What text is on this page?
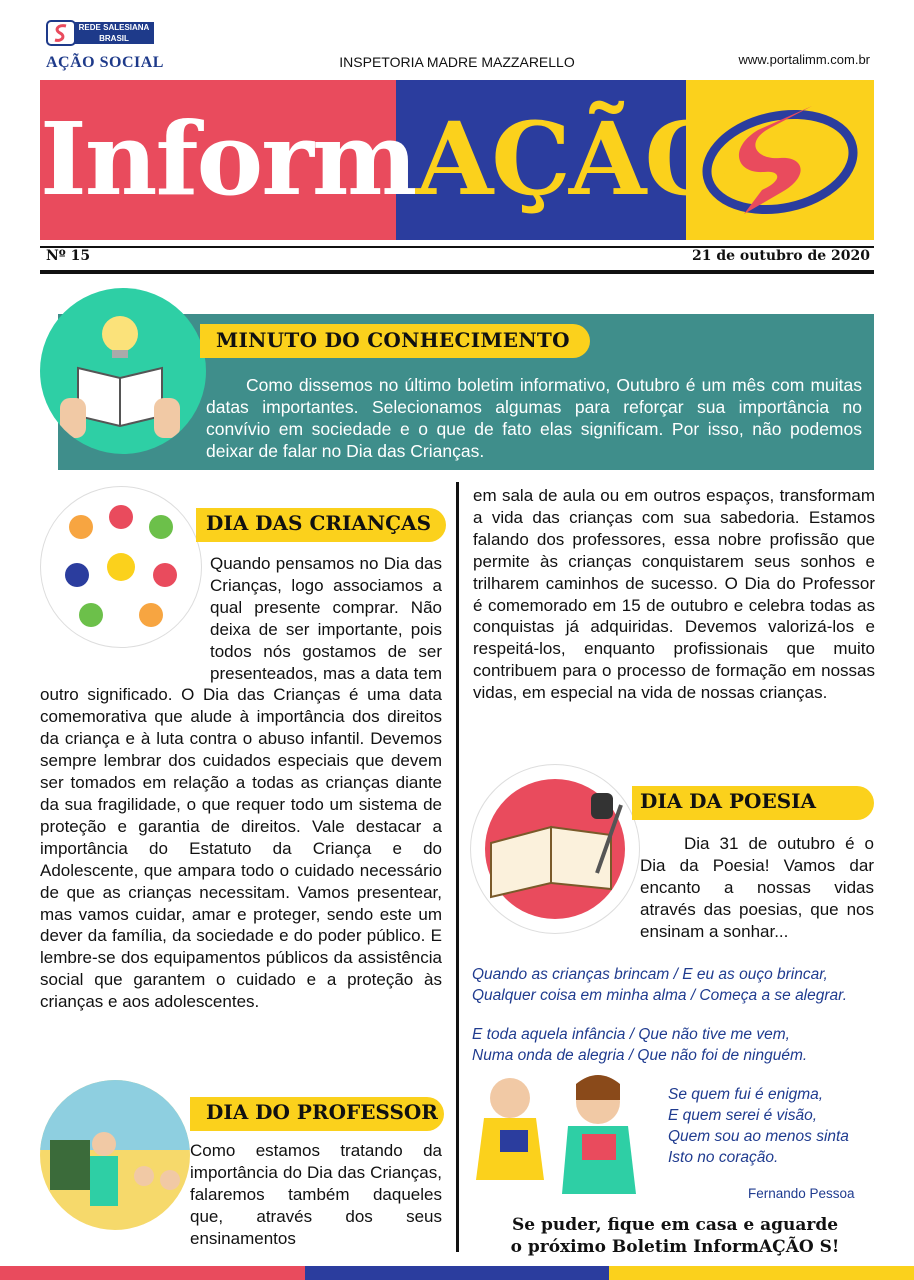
REDE SALESIANA BRASIL
AÇÃO SOCIAL	INSPETORIA MADRE MAZZARELLO	www.portalimm.com.br
InformAÇÃO
Nº 15	21 de outubro de 2020
MINUTO DO CONHECIMENTO
Como dissemos no último boletim informativo, Outubro é um mês com muitas datas importantes. Selecionamos algumas para reforçar sua importância no convívio em sociedade e o que de fato elas significam. Por isso, não podemos deixar de falar no Dia das Crianças.
DIA DAS CRIANÇAS
Quando pensamos no Dia das Crianças, logo associamos a qual presente comprar. Não deixa de ser importante, pois todos nós gostamos de ser presenteados, mas a data tem outro significado. O Dia das Crianças é uma data comemorativa que alude à importância dos direitos da criança e à luta contra o abuso infantil. Devemos sempre lembrar dos cuidados especiais que devem ser tomados em relação a todas as crianças diante da sua fragilidade, o que requer todo um sistema de proteção e garantia de direitos. Vale destacar a importância do Estatuto da Criança e do Adolescente, que ampara todo o cuidado necessário de que as crianças necessitam. Vamos presentear, mas vamos cuidar, amar e proteger, sendo este um dever da família, da sociedade e do poder público. E lembre-se dos equipamentos públicos da assistência social que garantem o cuidado e a proteção às crianças e aos adolescentes.
DIA DO PROFESSOR
Como estamos tratando da importância do Dia das Crianças, falaremos também daqueles que, através dos seus ensinamentos
em sala de aula ou em outros espaços, transformam a vida das crianças com sua sabedoria. Estamos falando dos professores, essa nobre profissão que permite às crianças conquistarem seus sonhos e trilharem caminhos de sucesso. O Dia do Professor é comemorado em 15 de outubro e celebra todas as conquistas já adquiridas. Devemos valorizá-los e respeitá-los, enquanto profissionais que muito contribuem para o processo de formação em nossas vidas, em especial na vida de nossas crianças.
DIA DA POESIA
Dia 31 de outubro é o Dia da Poesia! Vamos dar encanto a nossas vidas através das poesias, que nos ensinam a sonhar...
Quando as crianças brincam / E eu as ouço brincar,
Qualquer coisa em minha alma / Começa a se alegrar.
E toda aquela infância / Que não tive me vem,
Numa onda de alegria / Que não foi de ninguém.
Se quem fui é enigma,
E quem serei é visão,
Quem sou ao menos sinta
Isto no coração.
Fernando Pessoa
Se puder, fique em casa e aguarde
o próximo Boletim InformAÇÃO S!
